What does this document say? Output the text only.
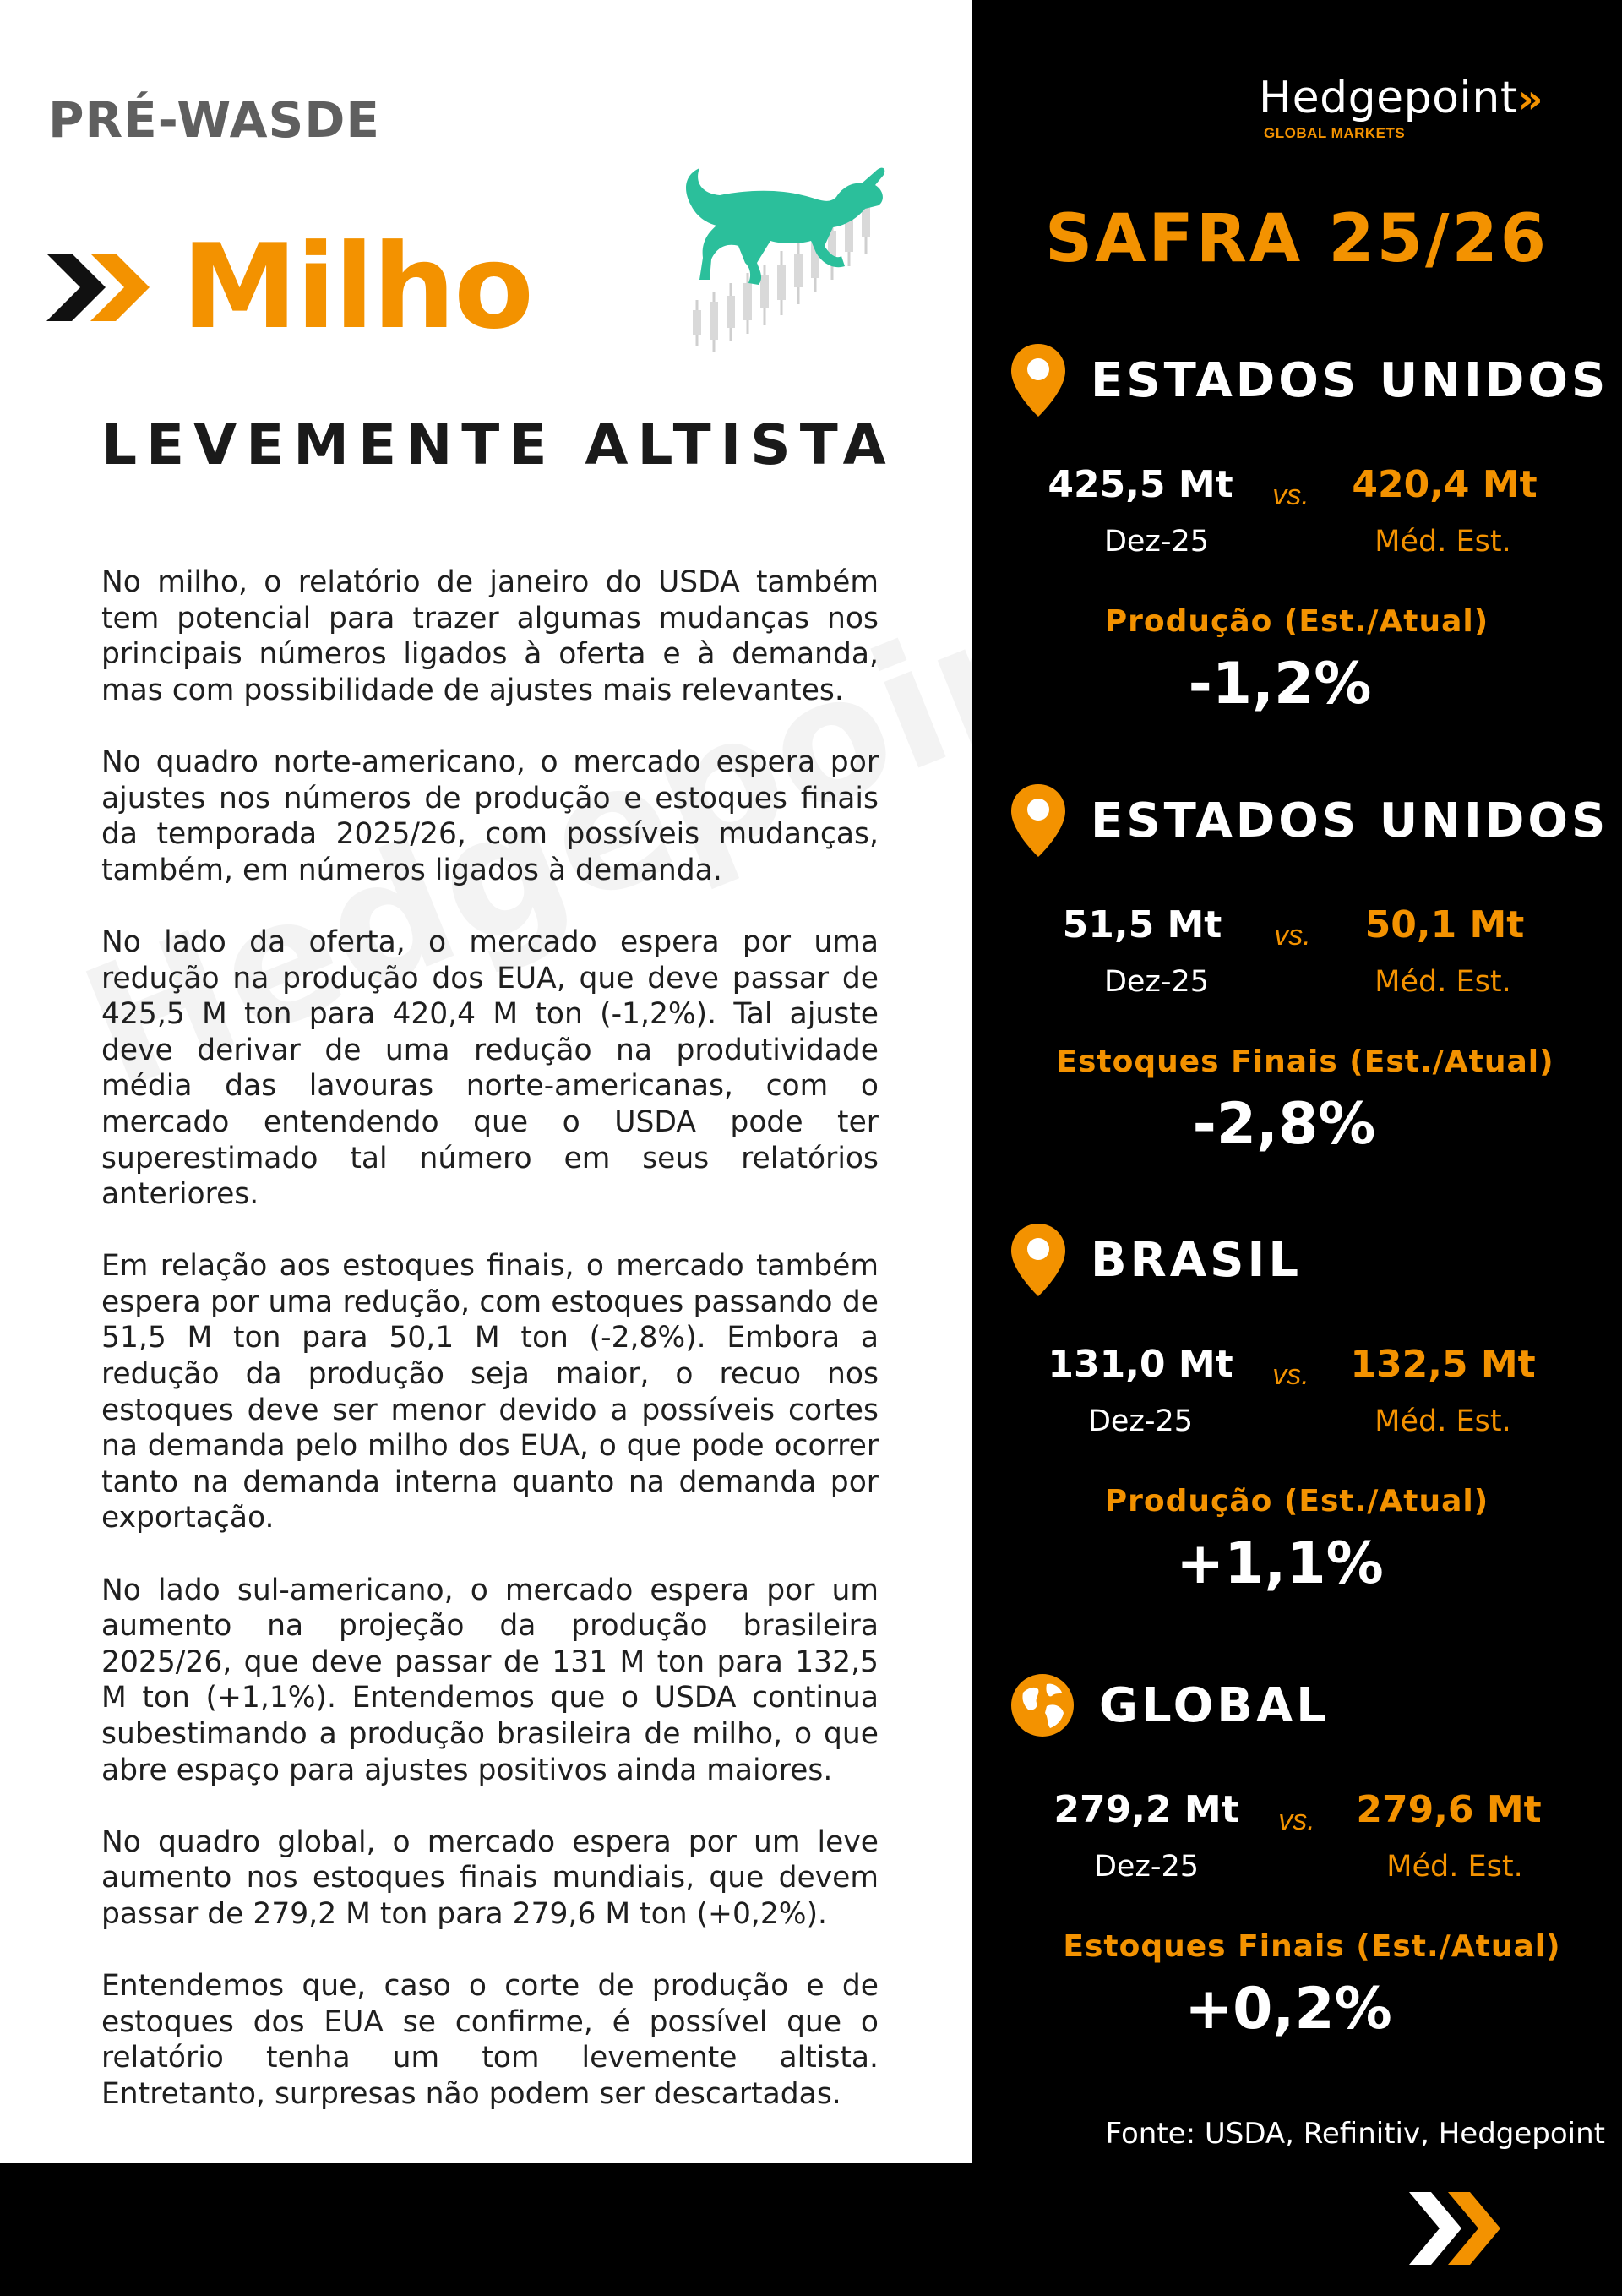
PRÉ-WASDE
Milho
LEVEMENTE ALTISTA

No milho, o relatório de janeiro do USDA também tem potencial para trazer algumas mudanças nos principais números ligados à oferta e à demanda, mas com possibilidade de ajustes mais relevantes.

No quadro norte-americano, o mercado espera por ajustes nos números de produção e estoques finais da temporada 2025/26, com possíveis mudanças, também, em números ligados à demanda.

No lado da oferta, o mercado espera por uma redução na produção dos EUA, que deve passar de 425,5 M ton para 420,4 M ton (-1,2%). Tal ajuste deve derivar de uma redução na produtividade média das lavouras norte-americanas, com o mercado entendendo que o USDA pode ter superestimado tal número em seus relatórios anteriores.

Em relação aos estoques finais, o mercado também espera por uma redução, com estoques passando de 51,5 M ton para 50,1 M ton (-2,8%). Embora a redução da produção seja maior, o recuo nos estoques deve ser menor devido a possíveis cortes na demanda pelo milho dos EUA, o que pode ocorrer tanto na demanda interna quanto na demanda por exportação.

No lado sul-americano, o mercado espera por um aumento na projeção da produção brasileira 2025/26, que deve passar de 131 M ton para 132,5 M ton (+1,1%). Entendemos que o USDA continua subestimando a produção brasileira de milho, o que abre espaço para ajustes positivos ainda maiores.

No quadro global, o mercado espera por um leve aumento nos estoques finais mundiais, que devem passar de 279,2 M ton para 279,6 M ton (+0,2%).

Entendemos que, caso o corte de produção e de estoques dos EUA se confirme, é possível que o relatório tenha um tom levemente altista. Entretanto, surpresas não podem ser descartadas.

Hedgepoint»
GLOBAL MARKETS
SAFRA 25/26
ESTADOS UNIDOS
425,5 Mt	vs.	420,4 Mt
Dez-25	Méd. Est.
Produção (Est./Atual)
-1,2%
ESTADOS UNIDOS
51,5 Mt	vs.	50,1 Mt
Dez-25	Méd. Est.
Estoques Finais (Est./Atual)
-2,8%
BRASIL
131,0 Mt	vs.	132,5 Mt
Dez-25	Méd. Est.
Produção (Est./Atual)
+1,1%
GLOBAL
279,2 Mt	vs.	279,6 Mt
Dez-25	Méd. Est.
Estoques Finais (Est./Atual)
+0,2%
Fonte: USDA, Refinitiv, Hedgepoint
